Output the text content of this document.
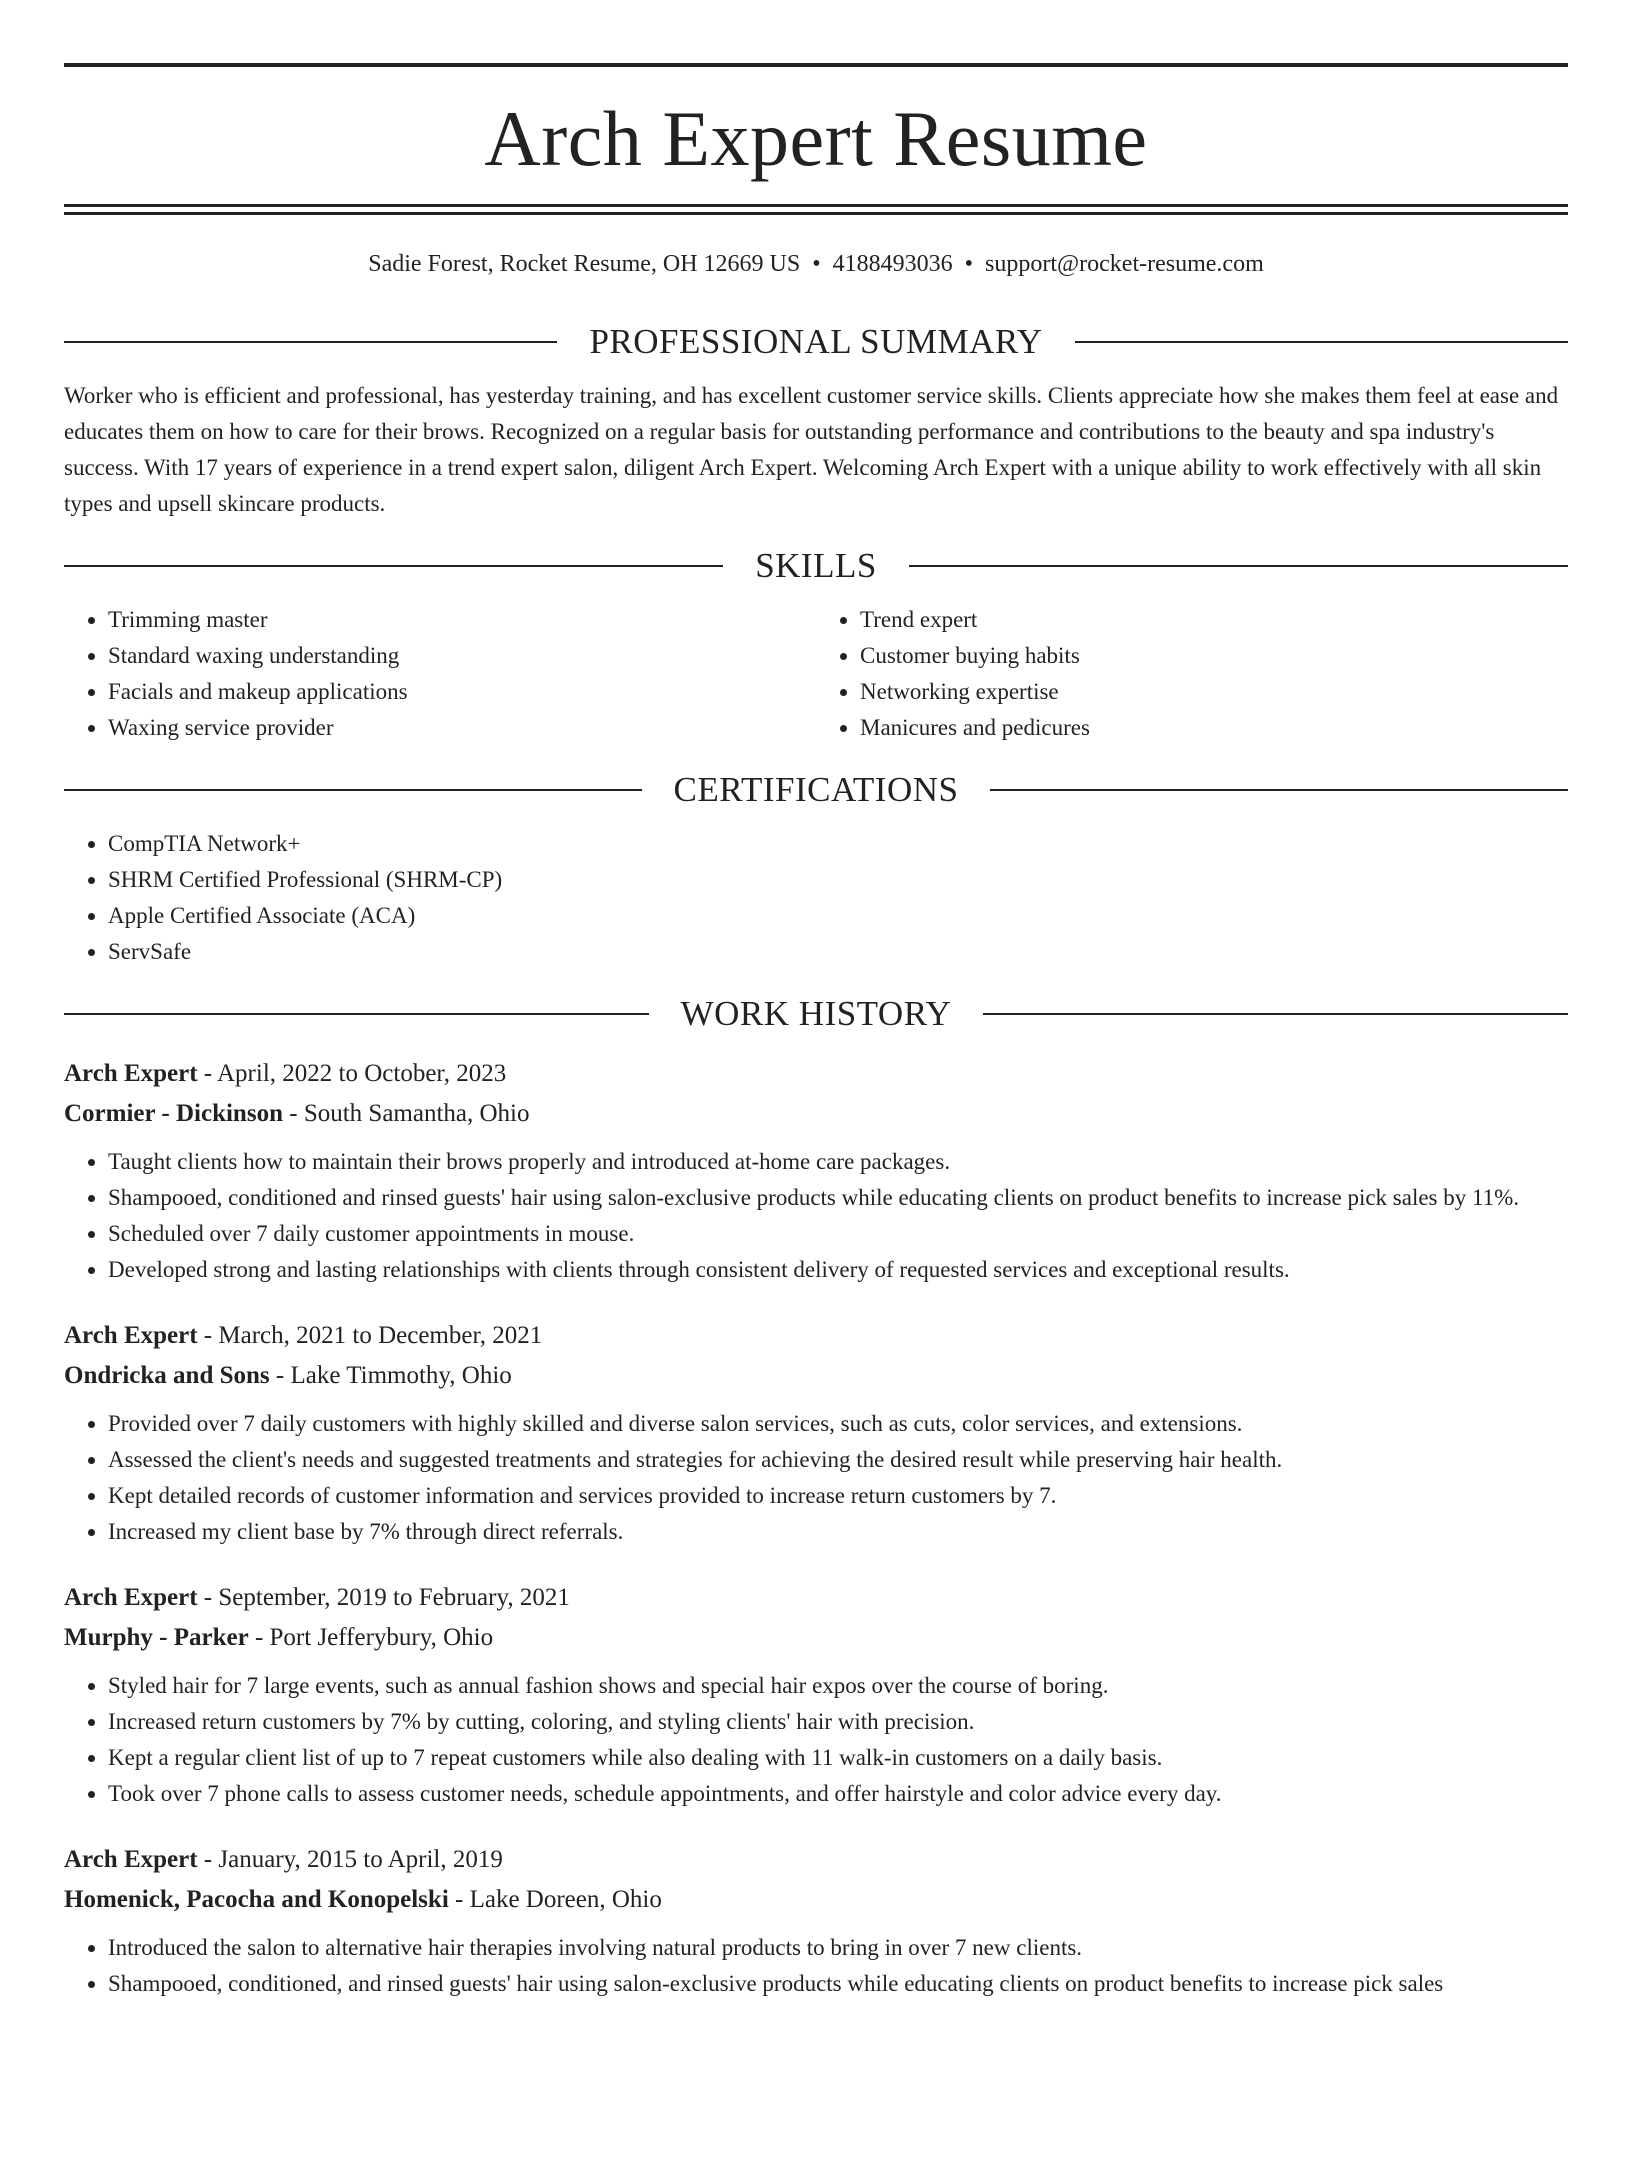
Arch Expert Resume
Sadie Forest, Rocket Resume, OH 12669 US • 4188493036 • support@rocket-resume.com
PROFESSIONAL SUMMARY

Worker who is efficient and professional, has yesterday training, and has excellent customer service skills. Clients appreciate how she makes them feel at ease and educates them on how to care for their brows. Recognized on a regular basis for outstanding performance and contributions to the beauty and spa industry's success. With 17 years of experience in a trend expert salon, diligent Arch Expert. Welcoming Arch Expert with a unique ability to work effectively with all skin types and upsell skincare products.

SKILLS
• Trimming master
• Standard waxing understanding
• Facials and makeup applications
• Waxing service provider
• Trend expert
• Customer buying habits
• Networking expertise
• Manicures and pedicures
CERTIFICATIONS
• CompTIA Network+
• SHRM Certified Professional (SHRM-CP)
• Apple Certified Associate (ACA)
• ServSafe
WORK HISTORY
Arch Expert - April, 2022 to October, 2023
Cormier - Dickinson - South Samantha, Ohio
• Taught clients how to maintain their brows properly and introduced at-home care packages.
• Shampooed, conditioned and rinsed guests' hair using salon-exclusive products while educating clients on product benefits to increase pick sales by 11%.
• Scheduled over 7 daily customer appointments in mouse.
• Developed strong and lasting relationships with clients through consistent delivery of requested services and exceptional results.
Arch Expert - March, 2021 to December, 2021
Ondricka and Sons - Lake Timmothy, Ohio
• Provided over 7 daily customers with highly skilled and diverse salon services, such as cuts, color services, and extensions.
• Assessed the client's needs and suggested treatments and strategies for achieving the desired result while preserving hair health.
• Kept detailed records of customer information and services provided to increase return customers by 7.
• Increased my client base by 7% through direct referrals.
Arch Expert - September, 2019 to February, 2021
Murphy - Parker - Port Jefferybury, Ohio
• Styled hair for 7 large events, such as annual fashion shows and special hair expos over the course of boring.
• Increased return customers by 7% by cutting, coloring, and styling clients' hair with precision.
• Kept a regular client list of up to 7 repeat customers while also dealing with 11 walk-in customers on a daily basis.
• Took over 7 phone calls to assess customer needs, schedule appointments, and offer hairstyle and color advice every day.
Arch Expert - January, 2015 to April, 2019
Homenick, Pacocha and Konopelski - Lake Doreen, Ohio
• Introduced the salon to alternative hair therapies involving natural products to bring in over 7 new clients.
• Shampooed, conditioned, and rinsed guests' hair using salon-exclusive products while educating clients on product benefits to increase pick sales
